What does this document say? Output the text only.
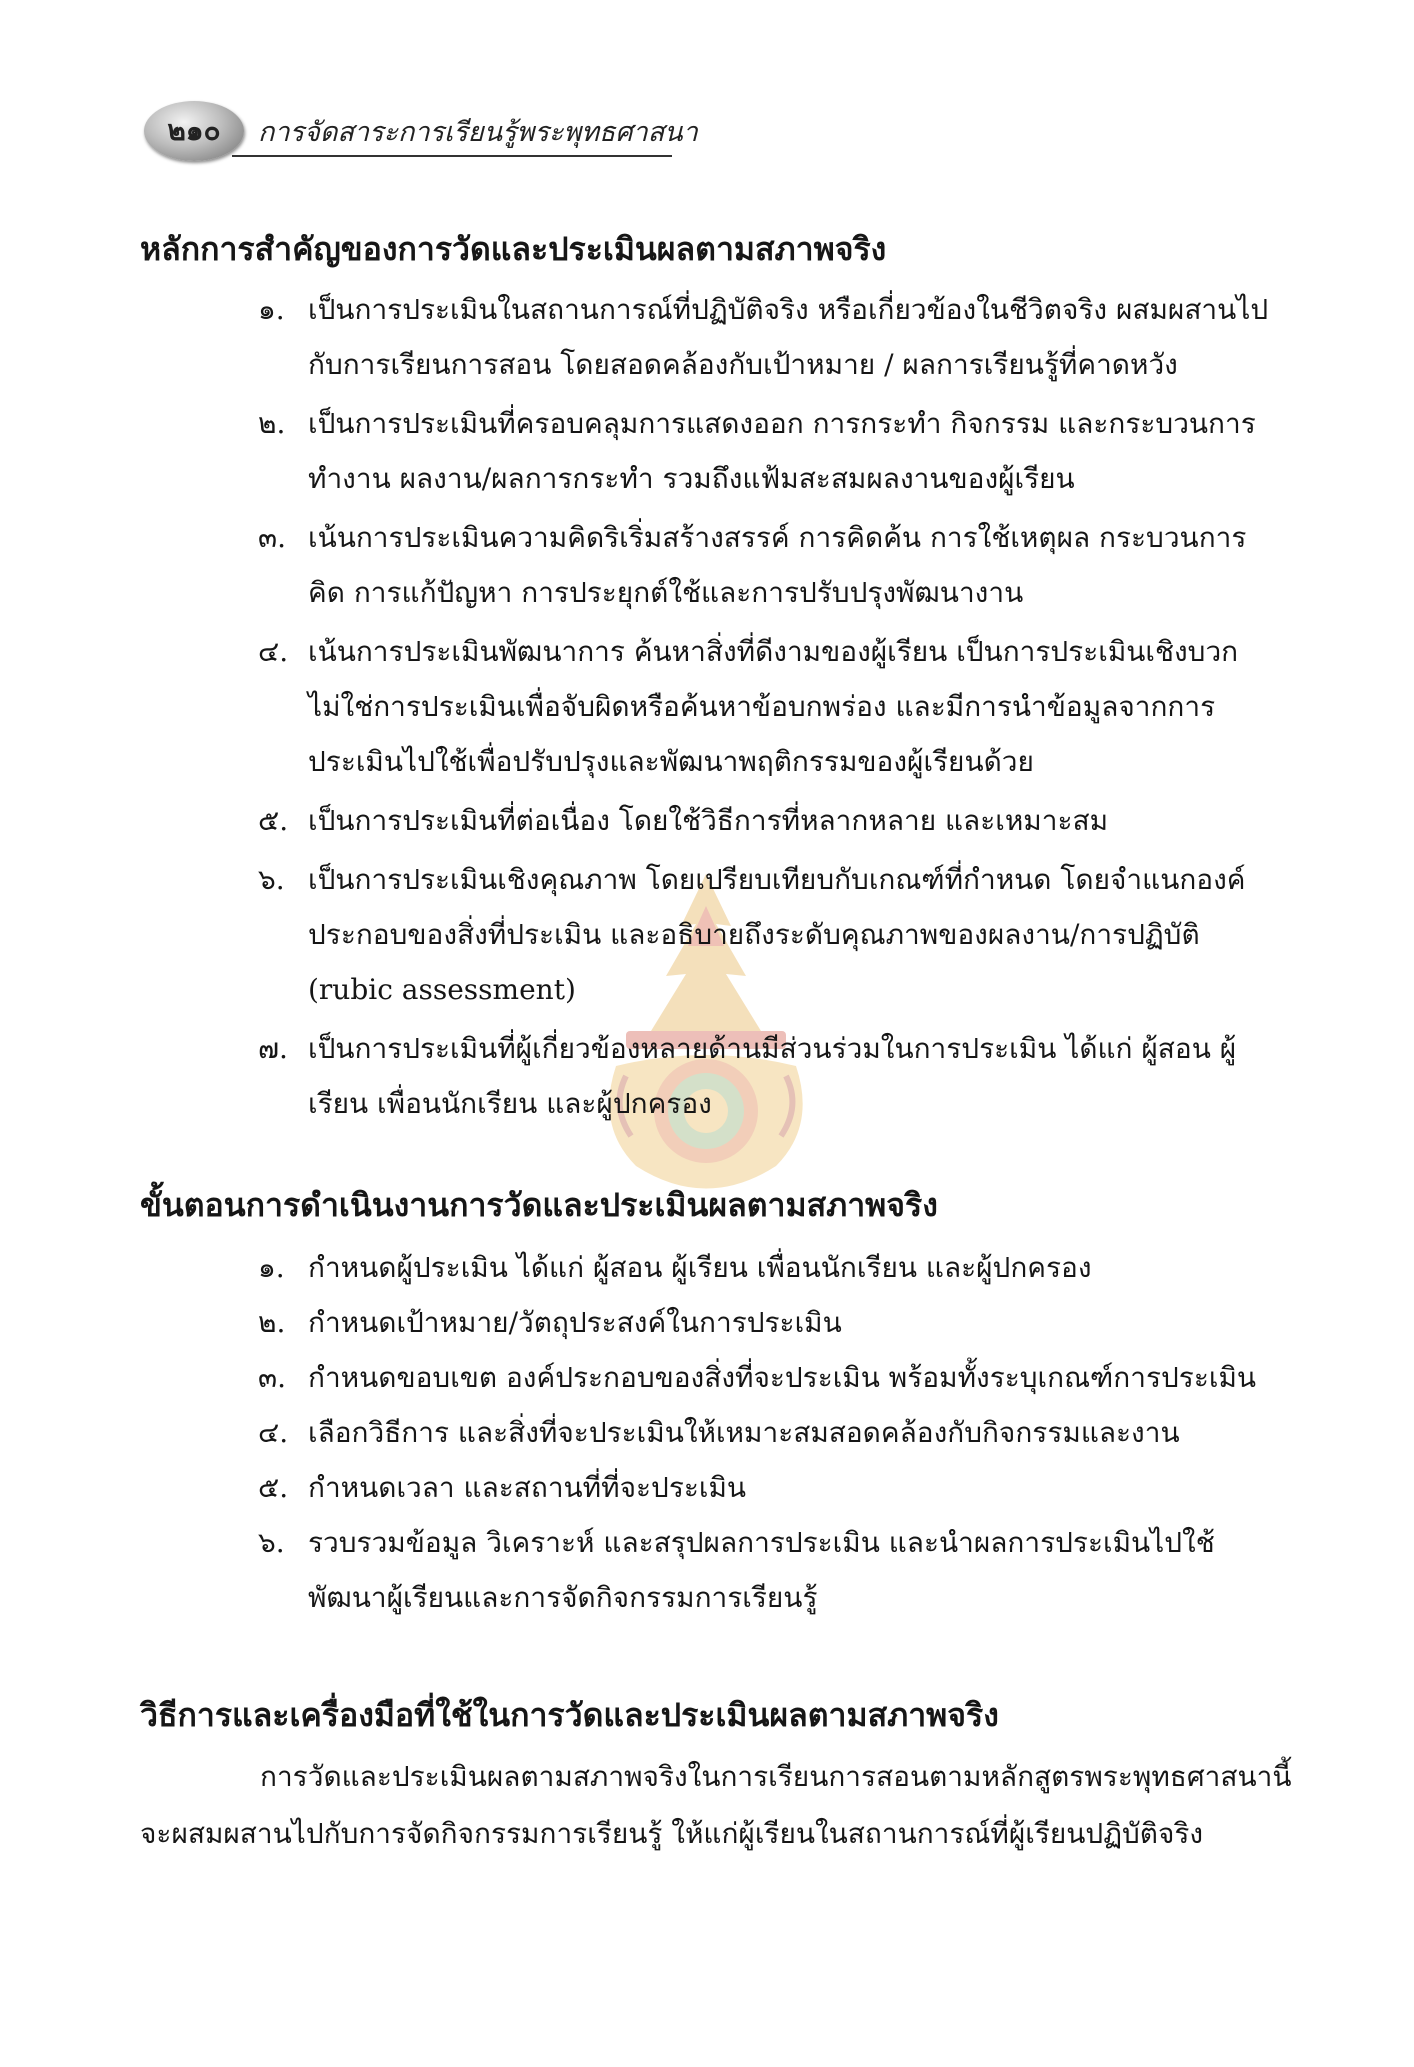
๒๑๐ การจัดสาระการเรียนรู้พระพุทธศาสนา
หลักการสำคัญของการวัดและประเมินผลตามสภาพจริง
๑. เป็นการประเมินในสถานการณ์ที่ปฏิบัติจริง หรือเกี่ยวข้องในชีวิตจริง ผสมผสานไปกับการเรียนการสอน โดยสอดคล้องกับเป้าหมาย / ผลการเรียนรู้ที่คาดหวัง
๒. เป็นการประเมินที่ครอบคลุมการแสดงออก การกระทำ กิจกรรม และกระบวนการทำงาน ผลงาน/ผลการกระทำ รวมถึงแฟ้มสะสมผลงานของผู้เรียน
๓. เน้นการประเมินความคิดริเริ่มสร้างสรรค์ การคิดค้น การใช้เหตุผล กระบวนการคิด การแก้ปัญหา การประยุกต์ใช้และการปรับปรุงพัฒนางาน
๔. เน้นการประเมินพัฒนาการ ค้นหาสิ่งที่ดีงามของผู้เรียน เป็นการประเมินเชิงบวก ไม่ใช่การประเมินเพื่อจับผิดหรือค้นหาข้อบกพร่อง และมีการนำข้อมูลจากการประเมินไปใช้เพื่อปรับปรุงและพัฒนาพฤติกรรมของผู้เรียนด้วย
๕. เป็นการประเมินที่ต่อเนื่อง โดยใช้วิธีการที่หลากหลาย และเหมาะสม
๖. เป็นการประเมินเชิงคุณภาพ โดยเปรียบเทียบกับเกณฑ์ที่กำหนด โดยจำแนกองค์ประกอบของสิ่งที่ประเมิน และอธิบายถึงระดับคุณภาพของผลงาน/การปฏิบัติ (rubic assessment)
๗. เป็นการประเมินที่ผู้เกี่ยวข้องหลายด้านมีส่วนร่วมในการประเมิน ได้แก่ ผู้สอน ผู้เรียน เพื่อนนักเรียน และผู้ปกครอง
ขั้นตอนการดำเนินงานการวัดและประเมินผลตามสภาพจริง
๑. กำหนดผู้ประเมิน ได้แก่ ผู้สอน ผู้เรียน เพื่อนนักเรียน และผู้ปกครอง
๒. กำหนดเป้าหมาย/วัตถุประสงค์ในการประเมิน
๓. กำหนดขอบเขต องค์ประกอบของสิ่งที่จะประเมิน พร้อมทั้งระบุเกณฑ์การประเมิน
๔. เลือกวิธีการ และสิ่งที่จะประเมินให้เหมาะสมสอดคล้องกับกิจกรรมและงาน
๕. กำหนดเวลา และสถานที่ที่จะประเมิน
๖. รวบรวมข้อมูล วิเคราะห์ และสรุปผลการประเมิน และนำผลการประเมินไปใช้พัฒนาผู้เรียนและการจัดกิจกรรมการเรียนรู้
วิธีการและเครื่องมือที่ใช้ในการวัดและประเมินผลตามสภาพจริง
การวัดและประเมินผลตามสภาพจริงในการเรียนการสอนตามหลักสูตรพระพุทธศาสนานี้
จะผสมผสานไปกับการจัดกิจกรรมการเรียนรู้ ให้แก่ผู้เรียนในสถานการณ์ที่ผู้เรียนปฏิบัติจริง
